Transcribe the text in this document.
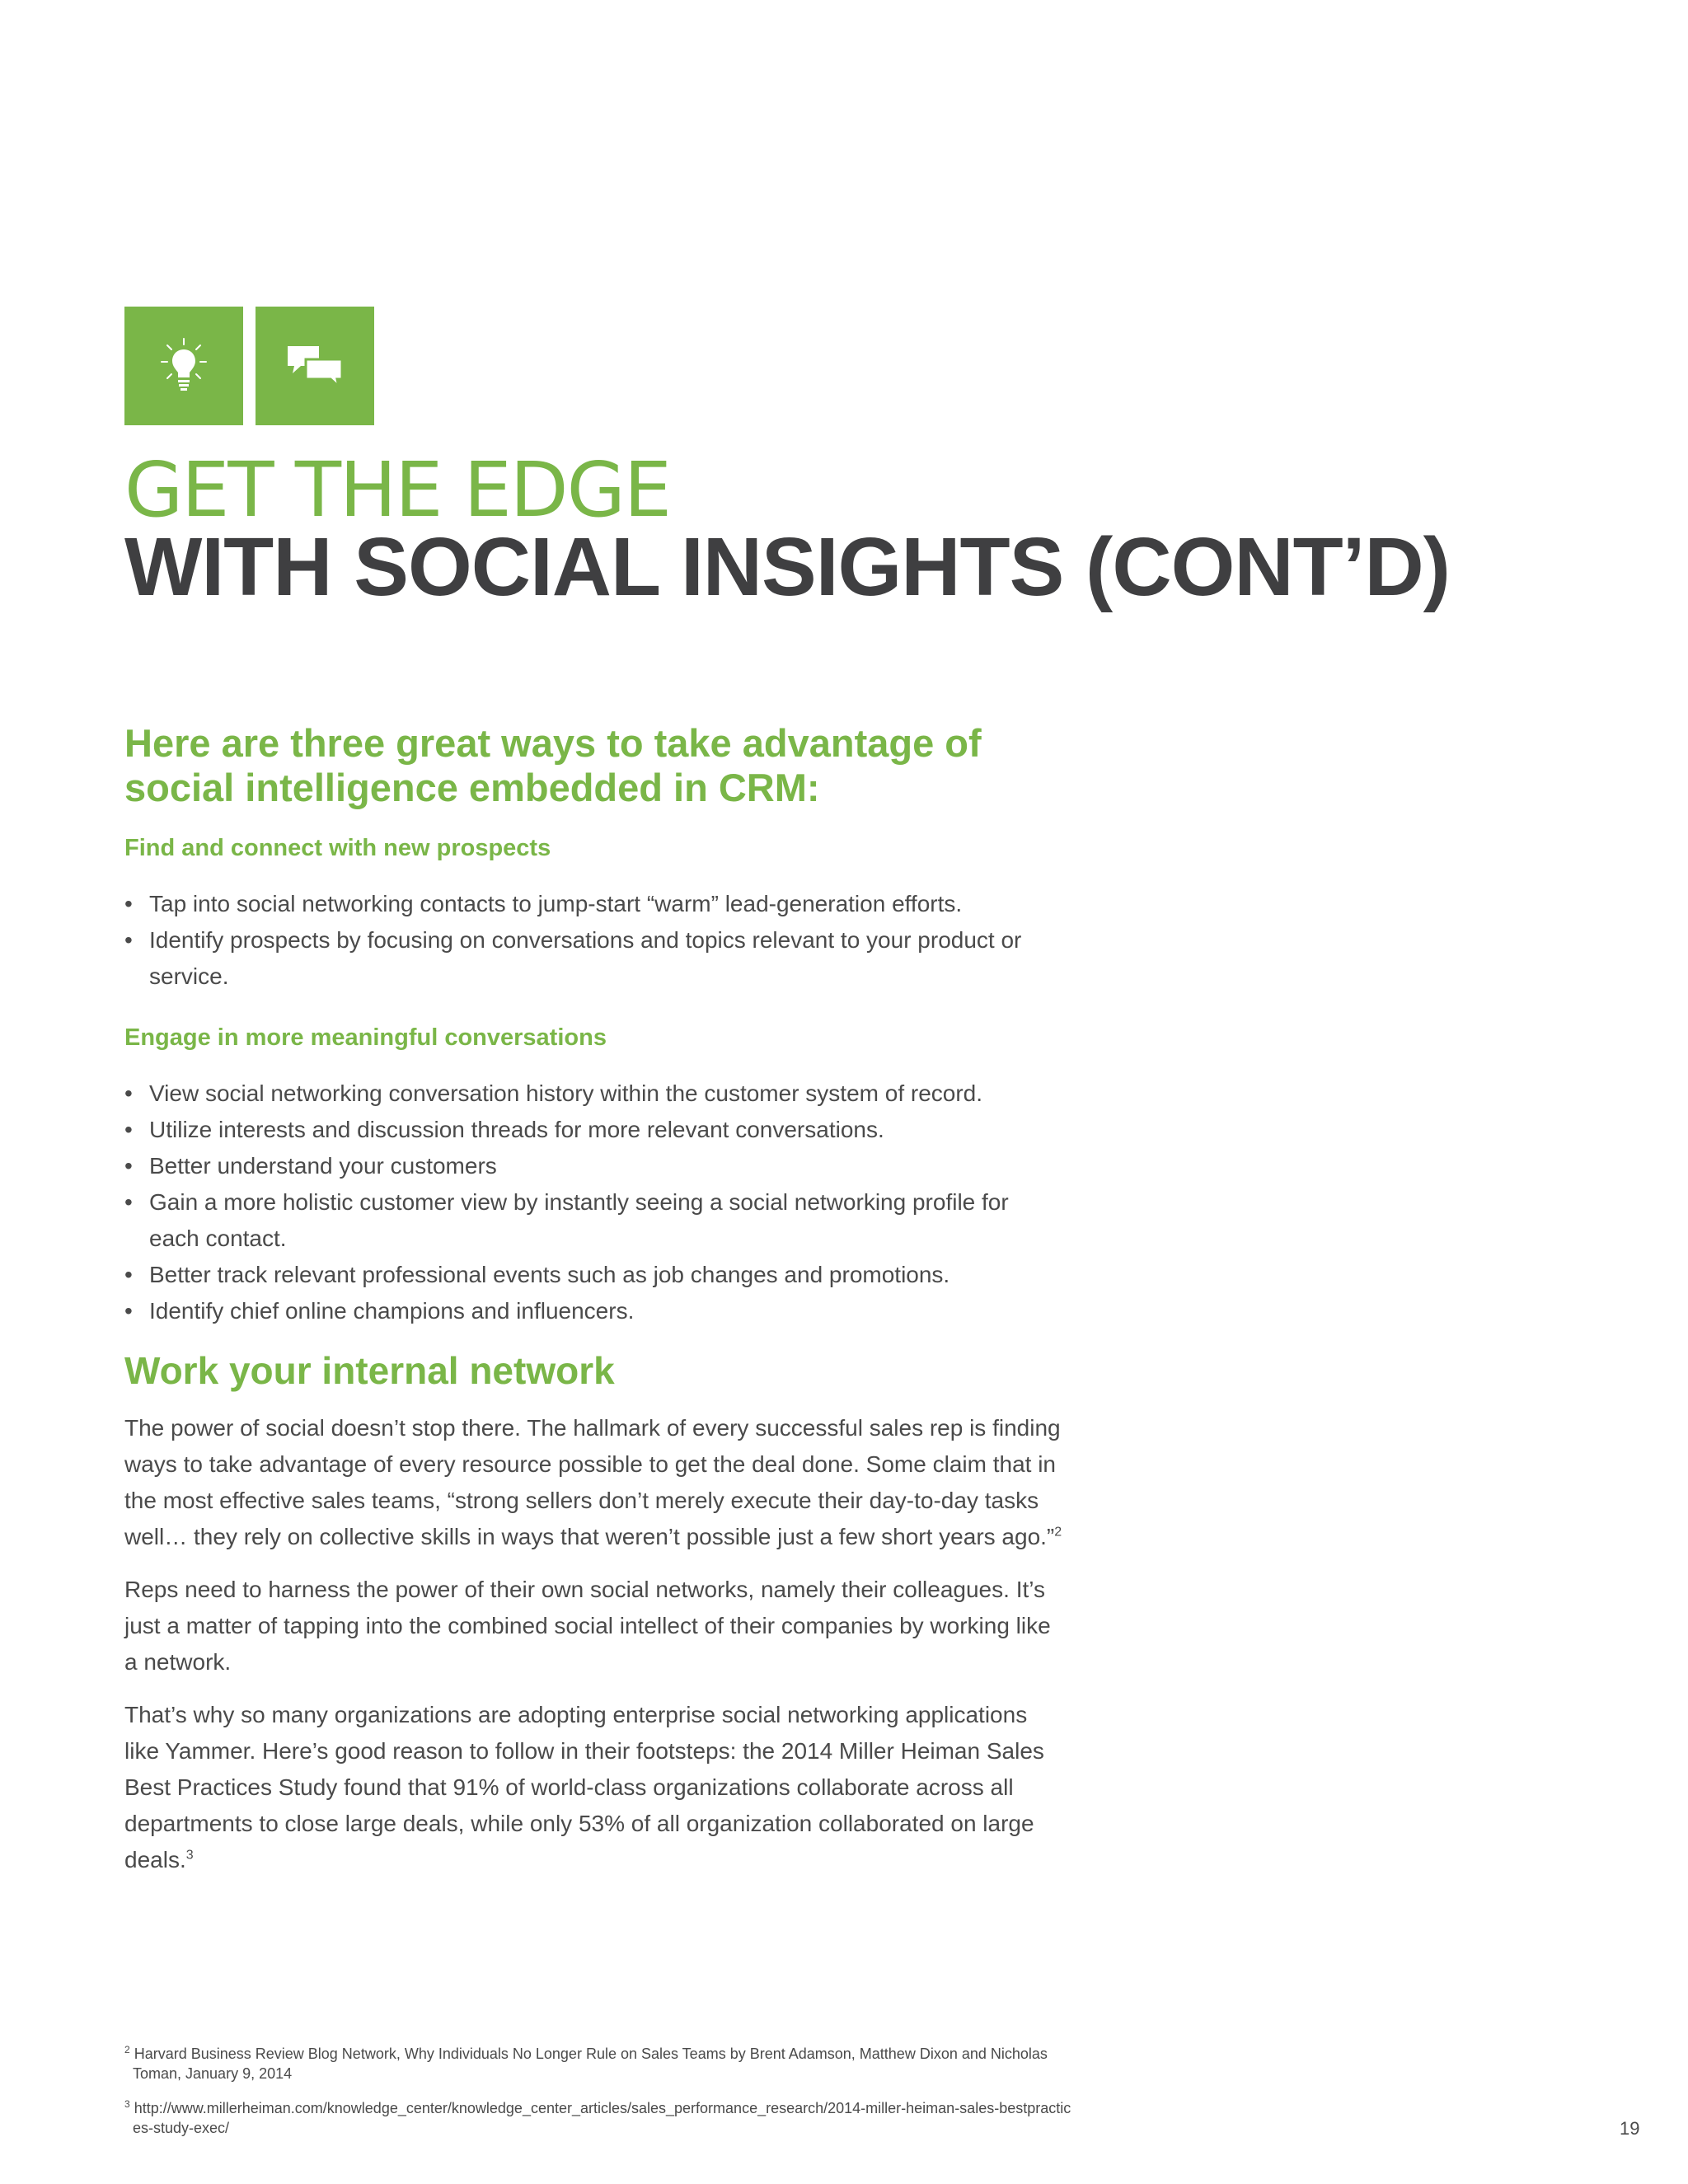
GET THE EDGE
WITH SOCIAL INSIGHTS (CONT’D)
Here are three great ways to take advantage of social intelligence embedded in CRM:
Find and connect with new prospects
• Tap into social networking contacts to jump-start “warm” lead-generation efforts.
• Identify prospects by focusing on conversations and topics relevant to your product or service.
Engage in more meaningful conversations
• View social networking conversation history within the customer system of record.
• Utilize interests and discussion threads for more relevant conversations.
• Better understand your customers
• Gain a more holistic customer view by instantly seeing a social networking profile for each contact.
• Better track relevant professional events such as job changes and promotions.
• Identify chief online champions and influencers.
Work your internal network

The power of social doesn’t stop there. The hallmark of every successful sales rep is finding ways to take advantage of every resource possible to get the deal done. Some claim that in the most effective sales teams, “strong sellers don’t merely execute their day-to-day tasks well… they rely on collective skills in ways that weren’t possible just a few short years ago.”$^2$

Reps need to harness the power of their own social networks, namely their colleagues. It’s just a matter of tapping into the combined social intellect of their companies by working like a network.

That’s why so many organizations are adopting enterprise social networking applications like Yammer. Here’s good reason to follow in their footsteps: the 2014 Miller Heiman Sales Best Practices Study found that 91% of world-class organizations collaborate across all departments to close large deals, while only 53% of all organization collaborated on large deals.$^3$

$^2$ Harvard Business Review Blog Network, Why Individuals No Longer Rule on Sales Teams by Brent Adamson, Matthew Dixon and Nicholas Toman, January 9, 2014

$^3$ http://www.millerheiman.com/knowledge_center/knowledge_center_articles/sales_performance_research/2014-miller-heiman-sales-bestpractices-study-exec/	19
